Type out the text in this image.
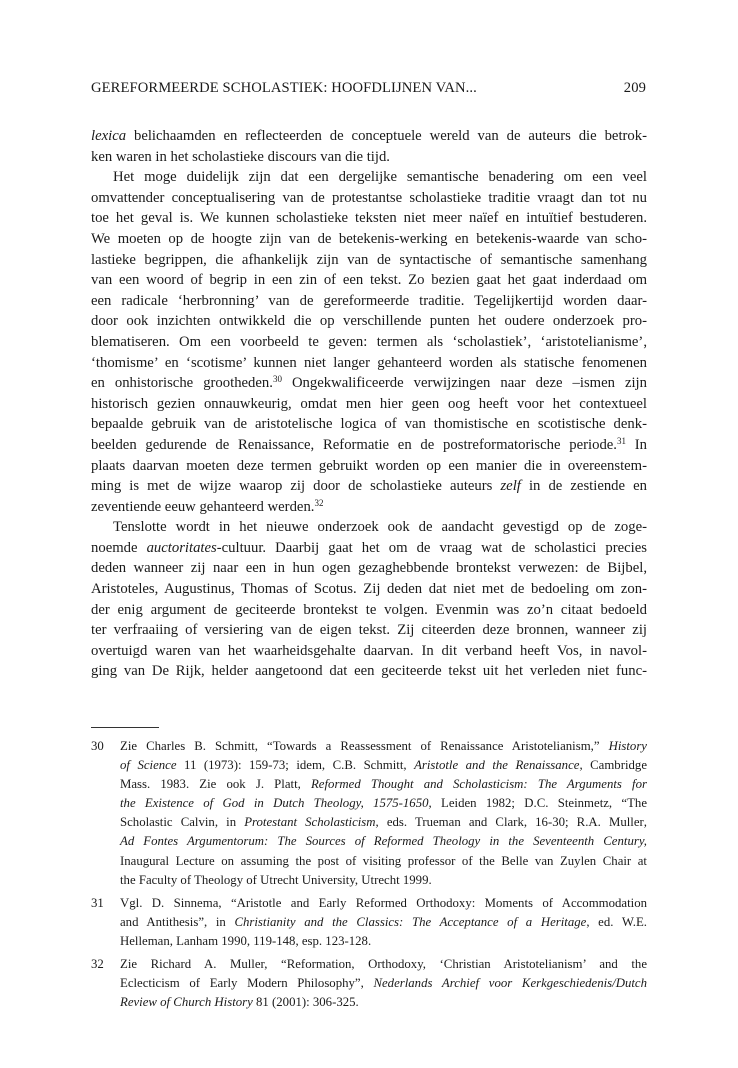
GEREFORMEERDE SCHOLASTIEK: HOOFDLIJNEN VAN...	209
lexica belichaamden en reflecteerden de conceptuele wereld van de auteurs die betrok-
ken waren in het scholastieke discours van die tijd.
Het moge duidelijk zijn dat een dergelijke semantische benadering om een veel
omvattender conceptualisering van de protestantse scholastieke traditie vraagt dan tot nu
toe het geval is. We kunnen scholastieke teksten niet meer naïef en intuïtief bestuderen.
We moeten op de hoogte zijn van de betekenis-werking en betekenis-waarde van scho-
lastieke begrippen, die afhankelijk zijn van de syntactische of semantische samenhang
van een woord of begrip in een zin of een tekst. Zo bezien gaat het gaat inderdaad om
een radicale ‘herbronning’ van de gereformeerde traditie. Tegelijkertijd worden daar-
door ook inzichten ontwikkeld die op verschillende punten het oudere onderzoek pro-
blematiseren. Om een voorbeeld te geven: termen als ‘scholastiek’, ‘aristotelianisme’,
‘thomisme’ en ‘scotisme’ kunnen niet langer gehanteerd worden als statische fenomenen
en onhistorische grootheden.$^{30}$ Ongekwalificeerde verwijzingen naar deze –ismen zijn
historisch gezien onnauwkeurig, omdat men hier geen oog heeft voor het contextueel
bepaalde gebruik van de aristotelische logica of van thomistische en scotistische denk-
beelden gedurende de Renaissance, Reformatie en de postreformatorische periode.$^{31}$ In
plaats daarvan moeten deze termen gebruikt worden op een manier die in overeenstem-
ming is met de wijze waarop zij door de scholastieke auteurs zelf in de zestiende en
zeventiende eeuw gehanteerd werden.$^{32}$
Tenslotte wordt in het nieuwe onderzoek ook de aandacht gevestigd op de zoge-
noemde auctoritates-cultuur. Daarbij gaat het om de vraag wat de scholastici precies
deden wanneer zij naar een in hun ogen gezaghebbende brontekst verwezen: de Bijbel,
Aristoteles, Augustinus, Thomas of Scotus. Zij deden dat niet met de bedoeling om zon-
der enig argument de geciteerde brontekst te volgen. Evenmin was zo’n citaat bedoeld
ter verfraaiing of versiering van de eigen tekst. Zij citeerden deze bronnen, wanneer zij
overtuigd waren van het waarheidsgehalte daarvan. In dit verband heeft Vos, in navol-
ging van De Rijk, helder aangetoond dat een geciteerde tekst uit het verleden niet func-
30 Zie Charles B. Schmitt, “Towards a Reassessment of Renaissance Aristotelianism,” History
of Science 11 (1973): 159-73; idem, C.B. Schmitt, Aristotle and the Renaissance, Cambridge
Mass. 1983. Zie ook J. Platt, Reformed Thought and Scholasticism: The Arguments for
the Existence of God in Dutch Theology, 1575-1650, Leiden 1982; D.C. Steinmetz, “The
Scholastic Calvin, in Protestant Scholasticism, eds. Trueman and Clark, 16-30; R.A. Muller,
Ad Fontes Argumentorum: The Sources of Reformed Theology in the Seventeenth Century,
Inaugural Lecture on assuming the post of visiting professor of the Belle van Zuylen Chair at
the Faculty of Theology of Utrecht University, Utrecht 1999.
31 Vgl. D. Sinnema, “Aristotle and Early Reformed Orthodoxy: Moments of Accommodation
and Antithesis”, in Christianity and the Classics: The Acceptance of a Heritage, ed. W.E.
Helleman, Lanham 1990, 119-148, esp. 123-128.
32 Zie Richard A. Muller, “Reformation, Orthodoxy, ‘Christian Aristotelianism’ and the
Eclecticism of Early Modern Philosophy”, Nederlands Archief voor Kerkgeschiedenis/Dutch
Review of Church History 81 (2001): 306-325.
